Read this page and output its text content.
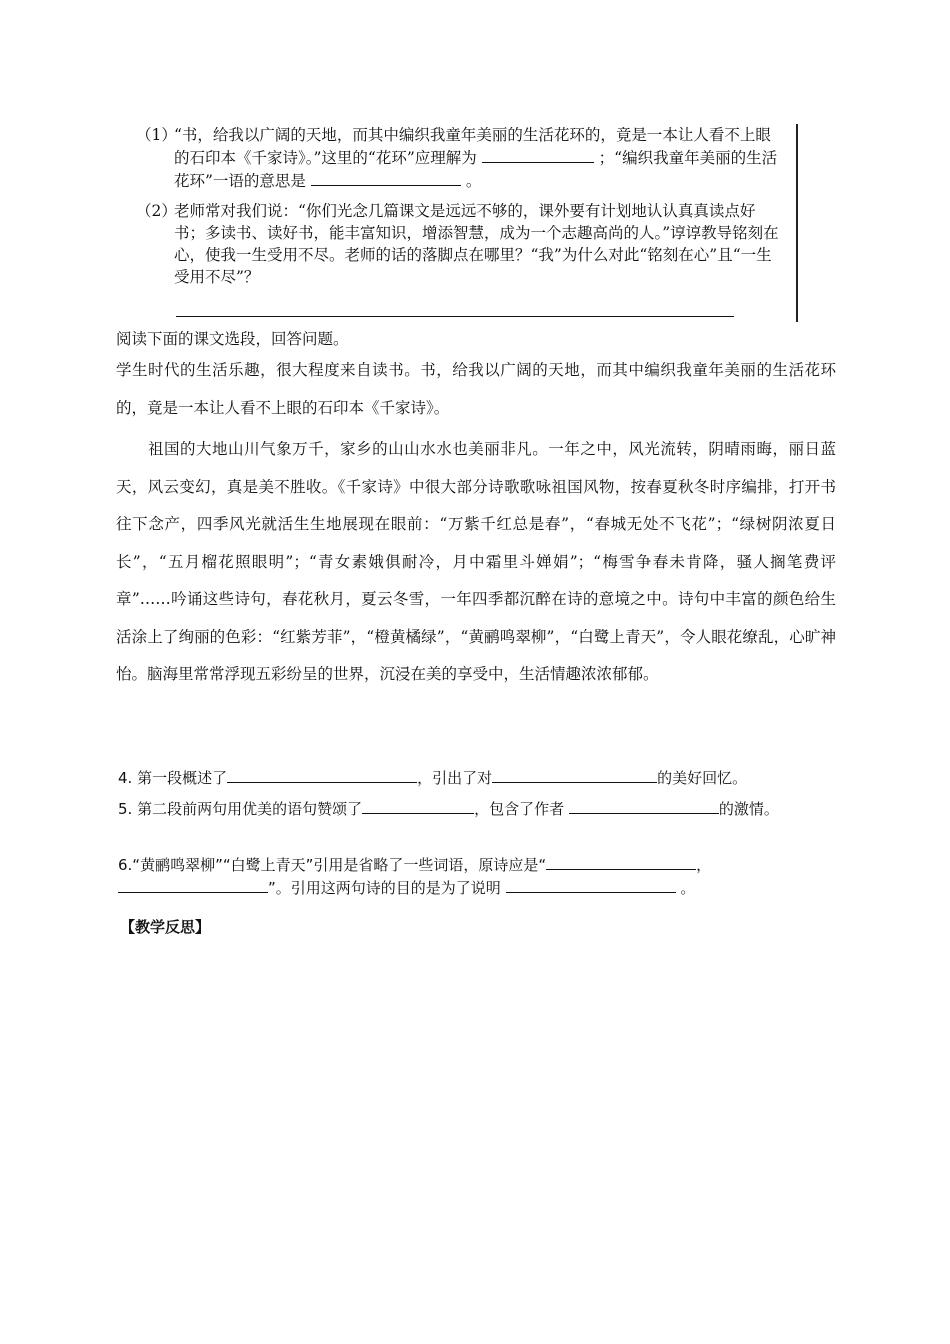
（1）
“书，给我以广阔的天地，而其中编织我童年美丽的生活花环的，竟是一本让人看不上眼的石印本《千家诗》。”这里的“花环”应理解为	；“编织我童年美丽的生活花环”一语的意思是	。
（2）
老师常对我们说：“你们光念几篇课文是远远不够的，课外要有计划地认认真真读点好书；多读书、读好书，能丰富知识，增添智慧，成为一个志趣高尚的人。”谆谆教导铭刻在心，使我一生受用不尽。老师的话的落脚点在哪里？“我”为什么对此“铭刻在心”且“一生受用不尽”？
阅读下面的课文选段，回答问题。
学生时代的生活乐趣，很大程度来自读书。书，给我以广阔的天地，而其中编织我童年美丽的生活花环的，竟是一本让人看不上眼的石印本《千家诗》。
祖国的大地山川气象万千，家乡的山山水水也美丽非凡。一年之中，风光流转，阴晴雨晦，丽日蓝天，风云变幻，真是美不胜收。《千家诗》中很大部分诗歌歌咏祖国风物，按春夏秋冬时序编排，打开书往下念产，四季风光就活生生地展现在眼前：“万紫千红总是春”，“春城无处不飞花”；“绿树阴浓夏日长”，“五月榴花照眼明”；“青女素娥俱耐冷，月中霜里斗婵娟”；“梅雪争春未肯降，骚人搁笔费评章”……吟诵这些诗句，春花秋月，夏云冬雪，一年四季都沉醉在诗的意境之中。诗句中丰富的颜色给生活涂上了绚丽的色彩：“红紫芳菲”，“橙黄橘绿”，“黄鹂鸣翠柳”，“白鹭上青天”，令人眼花缭乱，心旷神怡。脑海里常常浮现五彩纷呈的世界，沉浸在美的享受中，生活情趣浓浓郁郁。
4. 第一段概述了	，引出了对	的美好回忆。
5. 第二段前两句用优美的语句赞颂了	，包含了作者	的激情。
6.“黄鹂鸣翠柳”“白鹭上青天”引用是省略了一些词语，原诗应是“	，
”。引用这两句诗的目的是为了说明	。
【教学反思】
